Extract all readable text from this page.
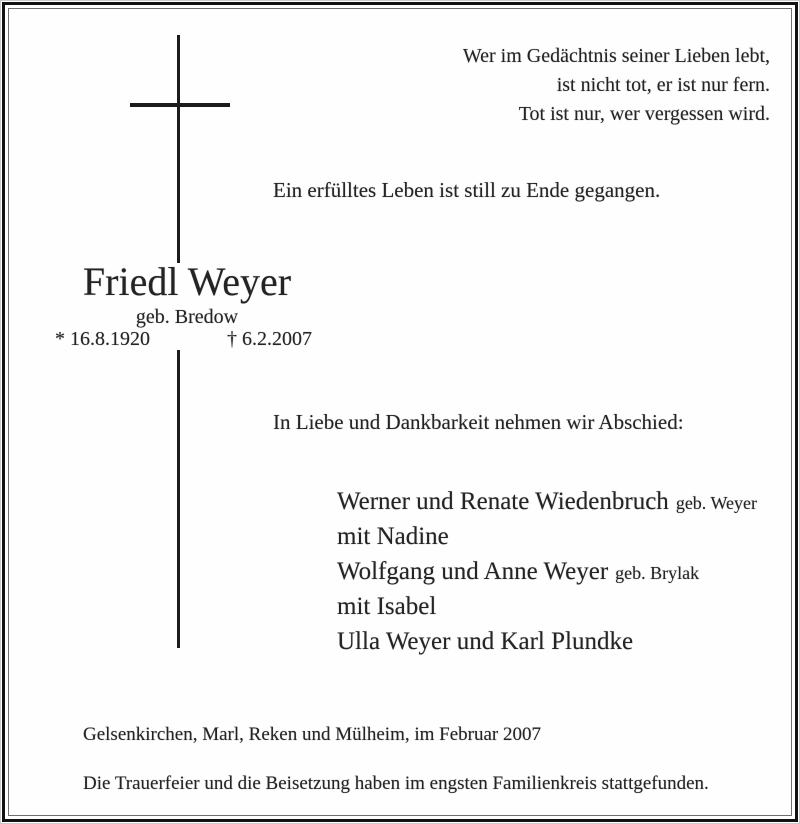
Wer im Gedächtnis seiner Lieben lebt,
ist nicht tot, er ist nur fern.
Tot ist nur, wer vergessen wird.
Ein erfülltes Leben ist still zu Ende gegangen.
Friedl Weyer
geb. Bredow
* 16.8.1920	† 6.2.2007
In Liebe und Dankbarkeit nehmen wir Abschied:
Werner und Renate Wiedenbruch geb. Weyer
mit Nadine
Wolfgang und Anne Weyer geb. Brylak
mit Isabel
Ulla Weyer und Karl Plundke
Gelsenkirchen, Marl, Reken und Mülheim, im Februar 2007
Die Trauerfeier und die Beisetzung haben im engsten Familienkreis stattgefunden.
